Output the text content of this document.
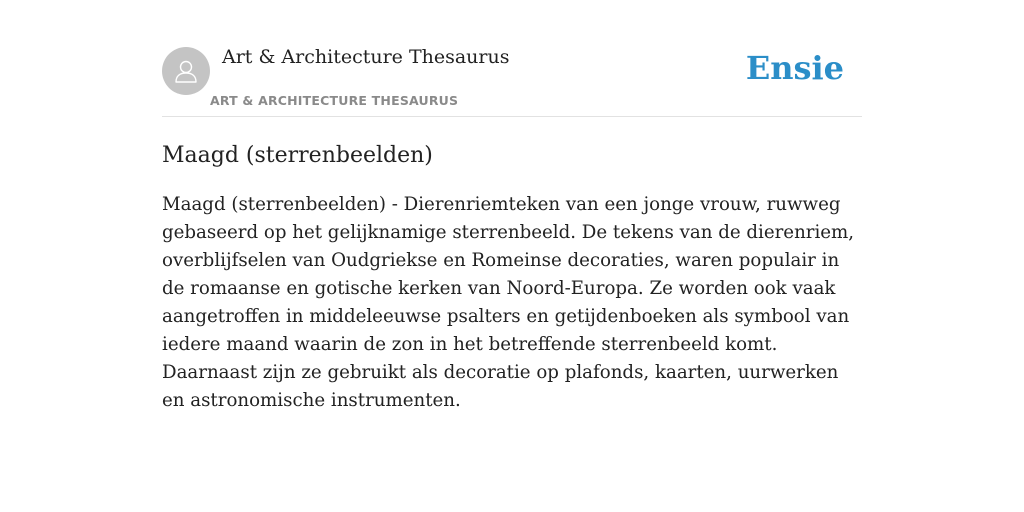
Art & Architecture Thesaurus
ART & ARCHITECTURE THESAURUS
Ensie
Maagd (sterrenbeelden)

Maagd (sterrenbeelden) - Dierenriemteken van een jonge vrouw, ruwweg gebaseerd op het gelijknamige sterrenbeeld. De tekens van de dierenriem, overblijfselen van Oudgriekse en Romeinse decoraties, waren populair in de romaanse en gotische kerken van Noord-Europa. Ze worden ook vaak aangetroffen in middeleeuwse psalters en getijdenboeken als symbool van iedere maand waarin de zon in het betreffende sterrenbeeld komt. Daarnaast zijn ze gebruikt als decoratie op plafonds, kaarten, uurwerken en astronomische instrumenten.
